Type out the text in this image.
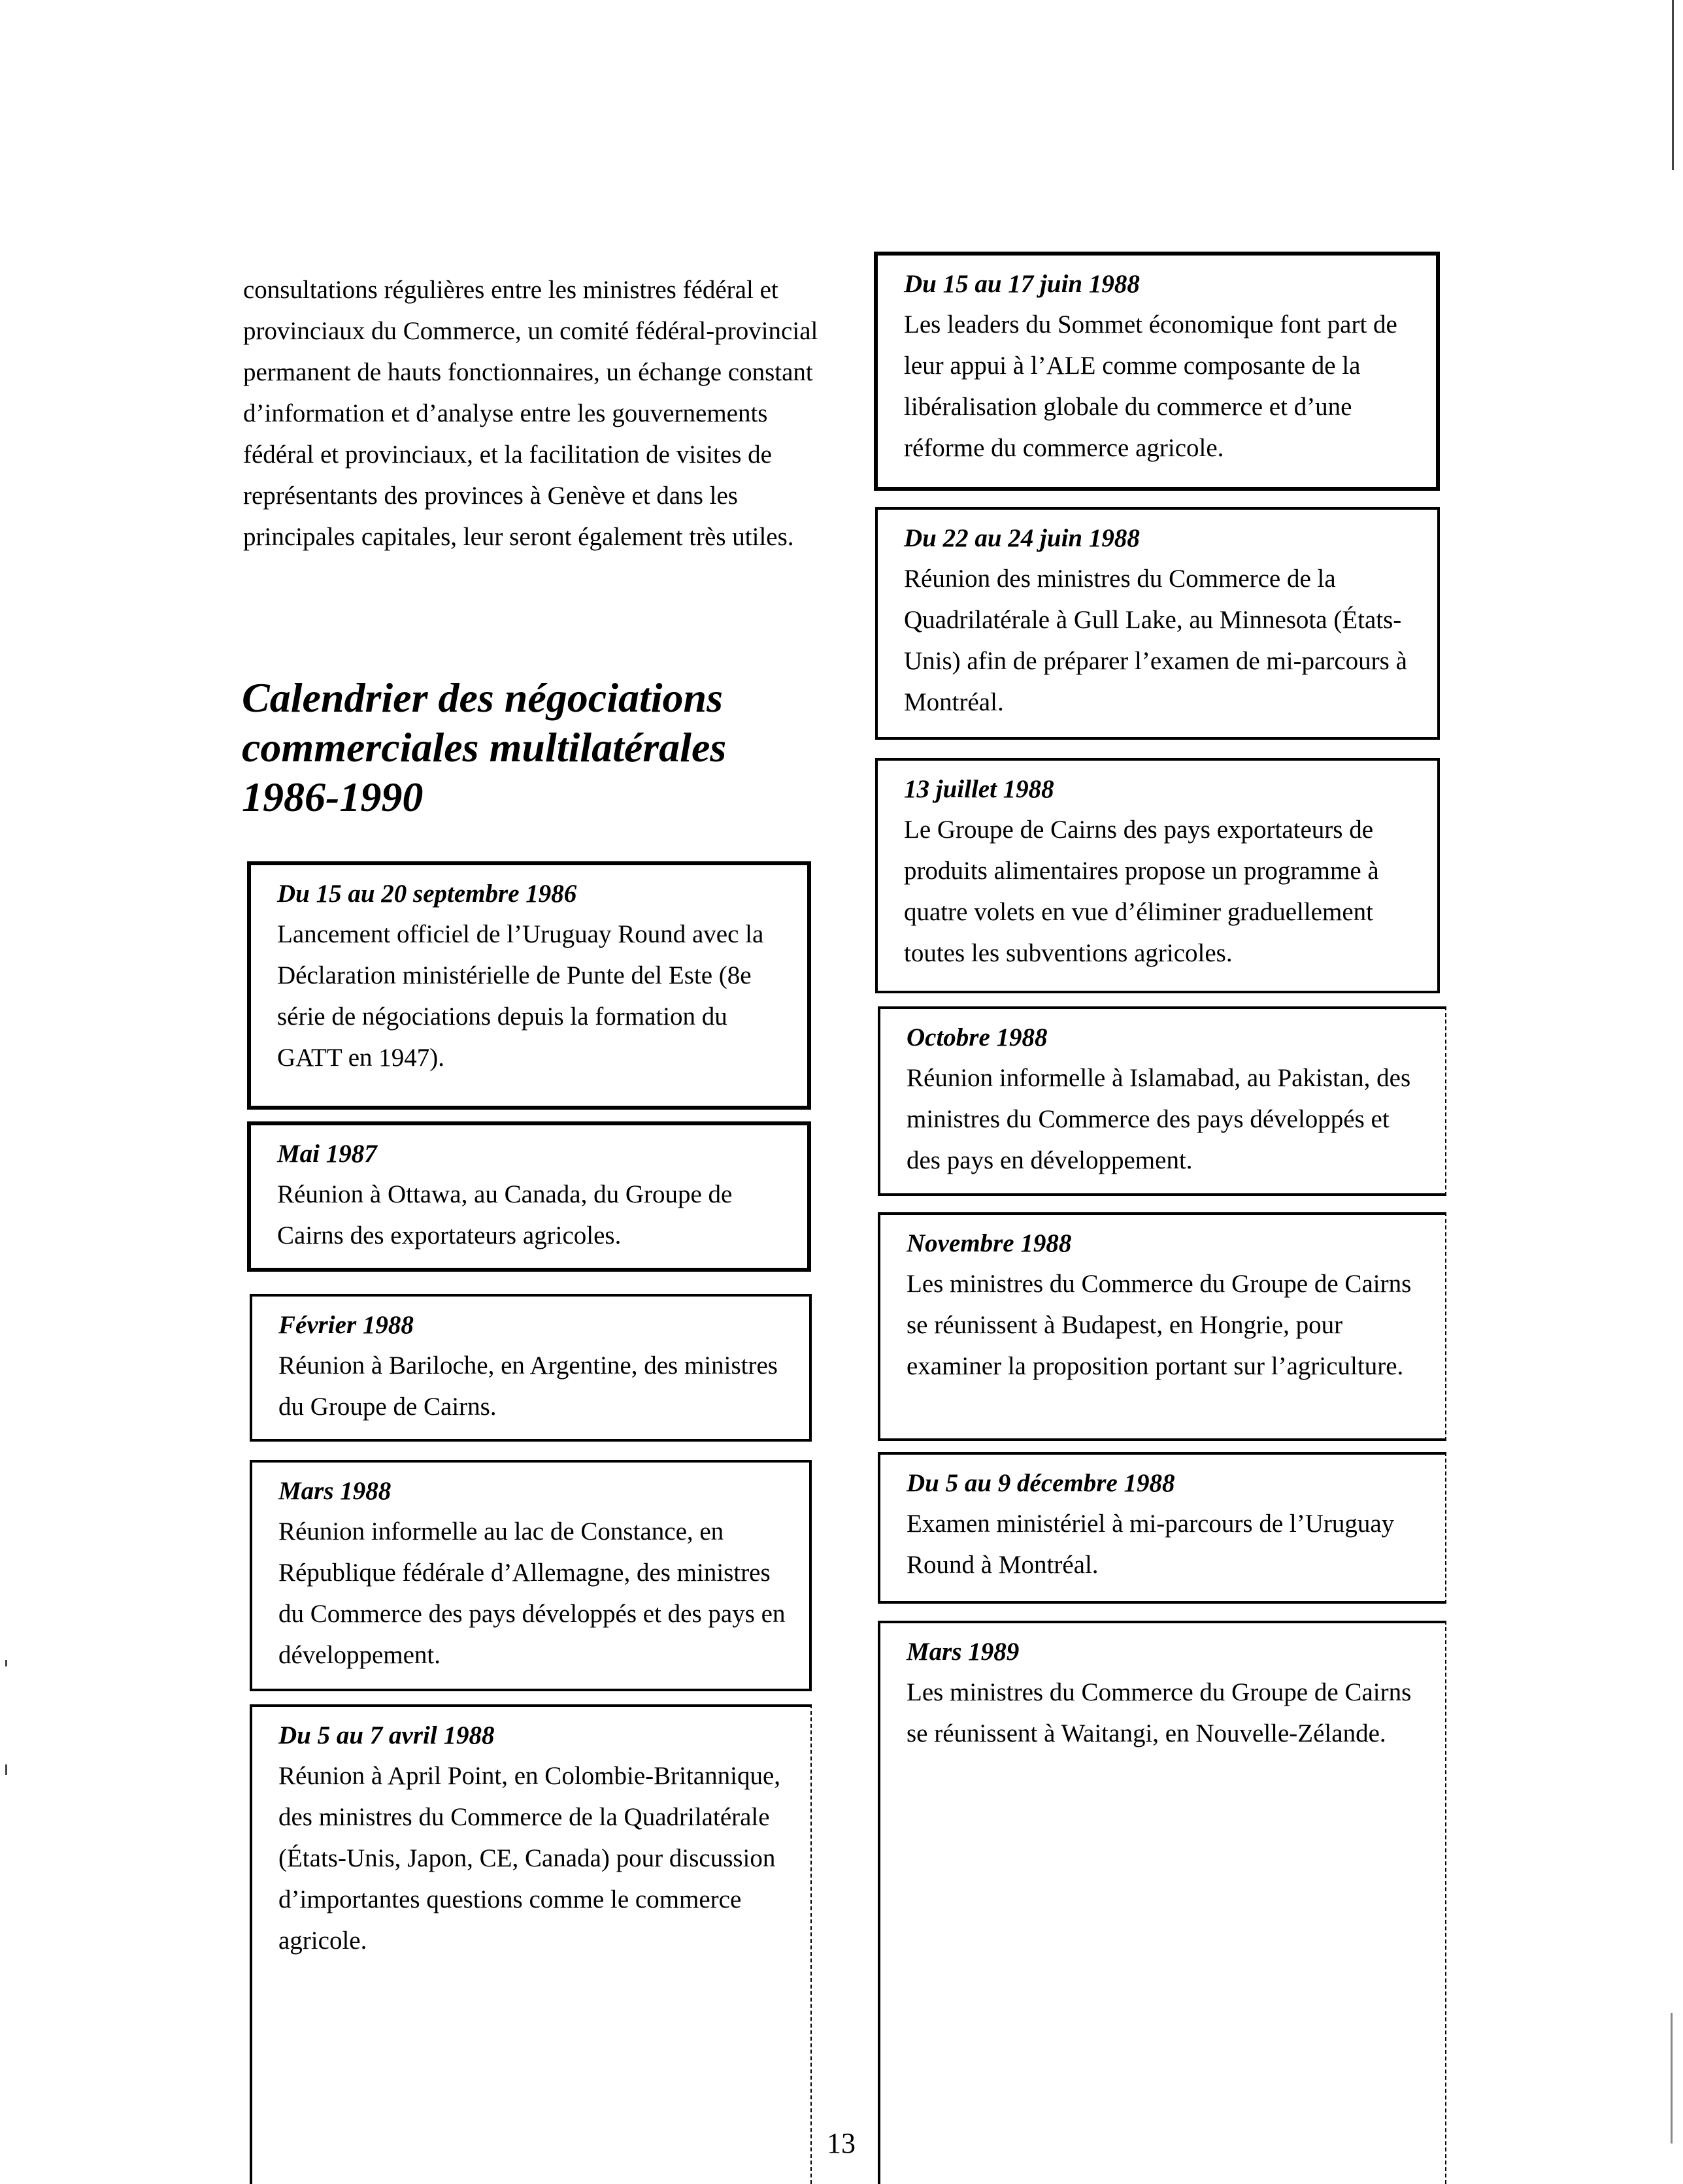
consultations régulières entre les ministres fédéral et provinciaux du Commerce, un comité fédéral-provincial permanent de hauts fonctionnaires, un échange constant d’information et d’analyse entre les gouvernements fédéral et provinciaux, et la facilitation de visites de représentants des provinces à Genève et dans les principales capitales, leur seront également très utiles.

Calendrier des négociations
commerciales multilatérales
1986-1990
Du 15 au 20 septembre 1986
Lancement officiel de l’Uruguay Round avec la Déclaration ministérielle de Punte del Este (8e série de négociations depuis la formation du GATT en 1947).
Mai 1987
Réunion à Ottawa, au Canada, du Groupe de Cairns des exportateurs agricoles.
Février 1988
Réunion à Bariloche, en Argentine, des ministres du Groupe de Cairns.
Mars 1988
Réunion informelle au lac de Constance, en République fédérale d’Allemagne, des ministres du Commerce des pays développés et des pays en développement.
Du 5 au 7 avril 1988
Réunion à April Point, en Colombie-Britannique, des ministres du Commerce de la Quadrilatérale (États-Unis, Japon, CE, Canada) pour discussion d’importantes questions comme le commerce agricole.
Du 15 au 17 juin 1988
Les leaders du Sommet économique font part de leur appui à l’ALE comme composante de la libéralisation globale du commerce et d’une réforme du commerce agricole.
Du 22 au 24 juin 1988
Réunion des ministres du Commerce de la Quadrilatérale à Gull Lake, au Minnesota (États-Unis) afin de préparer l’examen de mi-parcours à Montréal.
13 juillet 1988
Le Groupe de Cairns des pays exportateurs de produits alimentaires propose un programme à quatre volets en vue d’éliminer graduellement toutes les subventions agricoles.
Octobre 1988
Réunion informelle à Islamabad, au Pakistan, des ministres du Commerce des pays développés et des pays en développement.
Novembre 1988
Les ministres du Commerce du Groupe de Cairns se réunissent à Budapest, en Hongrie, pour examiner la proposition portant sur l’agriculture.
Du 5 au 9 décembre 1988
Examen ministériel à mi-parcours de l’Uruguay Round à Montréal.
Mars 1989
Les ministres du Commerce du Groupe de Cairns se réunissent à Waitangi, en Nouvelle-Zélande.
13
